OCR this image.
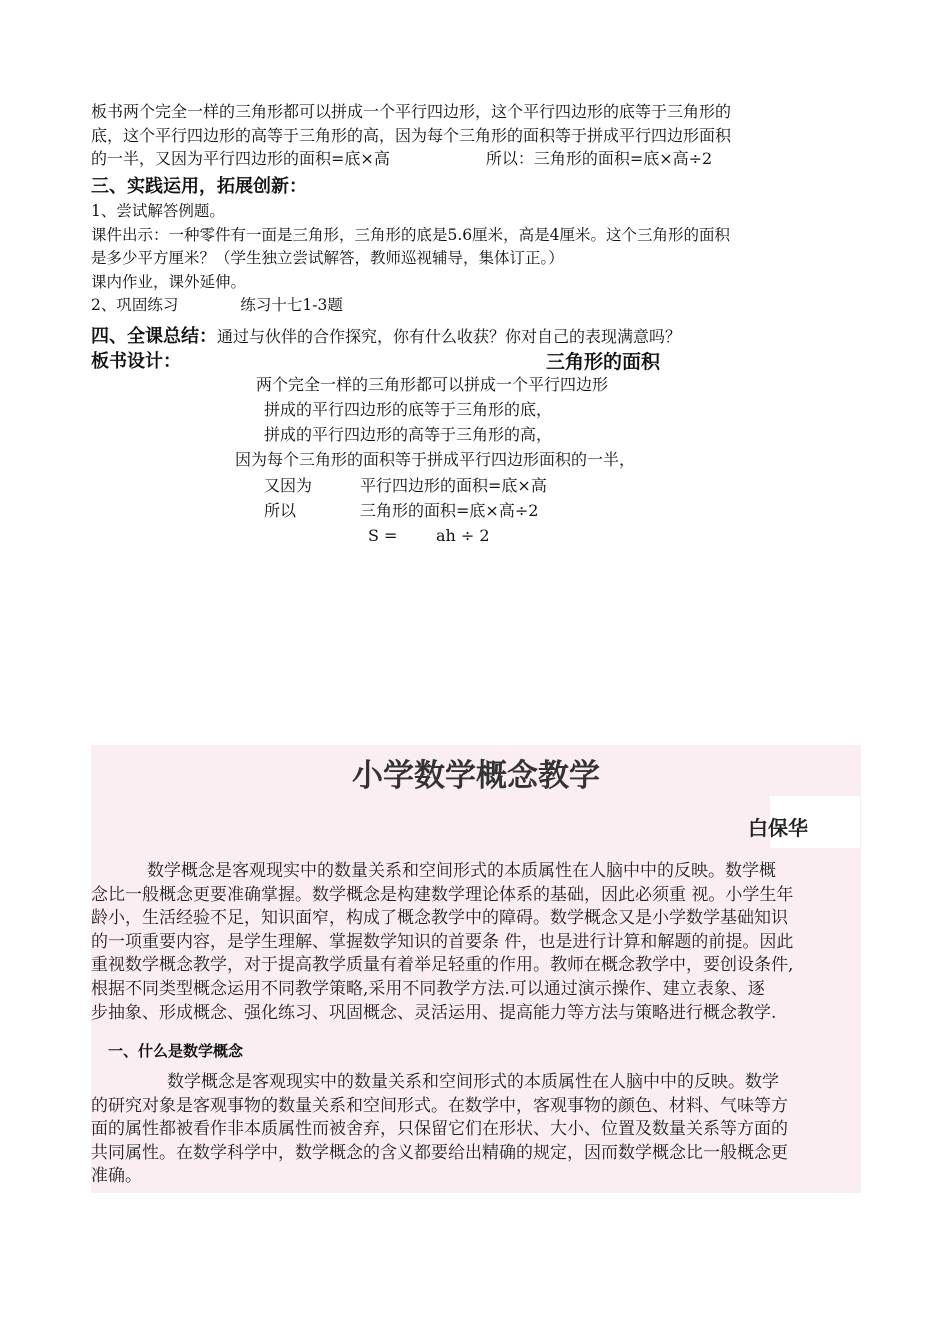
板书两个完全一样的三角形都可以拼成一个平行四边形，这个平行四边形的底等于三角形的
底，这个平行四边形的高等于三角形的高，因为每个三角形的面积等于拼成平行四边形面积
的一半，又因为平行四边形的面积=底×高	所以：三角形的面积=底×高÷2
三、实践运用，拓展创新：
1、尝试解答例题。
课件出示：一种零件有一面是三角形，三角形的底是5.6厘米，高是4厘米。这个三角形的面积
是多少平方厘米？（学生独立尝试解答，教师巡视辅导，集体订正。）
课内作业，课外延伸。
2、巩固练习	练习十七1-3题
四、全课总结：通过与伙伴的合作探究，你有什么收获？你对自己的表现满意吗？
板书设计：	三角形的面积
两个完全一样的三角形都可以拼成一个平行四边形
拼成的平行四边形的底等于三角形的底，
拼成的平行四边形的高等于三角形的高，
因为每个三角形的面积等于拼成平行四边形面积的一半，
又因为	平行四边形的面积=底×高
所以	三角形的面积=底×高÷2
S = ah ÷ 2
小学数学概念教学
白保华
数学概念是客观现实中的数量关系和空间形式的本质属性在人脑中中的反映。数学概
念比一般概念更要准确掌握。数学概念是构建数学理论体系的基础，因此必须重 视。小学生年
龄小，生活经验不足，知识面窄，构成了概念教学中的障碍。数学概念又是小学数学基础知识
的一项重要内容，是学生理解、掌握数学知识的首要条 件，也是进行计算和解题的前提。因此
重视数学概念教学，对于提高教学质量有着举足轻重的作用。教师在概念教学中，要创设条件,
根据不同类型概念运用不同教学策略,采用不同教学方法.可以通过演示操作、建立表象、逐
步抽象、形成概念、强化练习、巩固概念、灵活运用、提高能力等方法与策略进行概念教学.
一、什么是数学概念
数学概念是客观现实中的数量关系和空间形式的本质属性在人脑中中的反映。数学
的研究对象是客观事物的数量关系和空间形式。在数学中，客观事物的颜色、材料、气味等方
面的属性都被看作非本质属性而被舍弃，只保留它们在形状、大小、位置及数量关系等方面的
共同属性。在数学科学中，数学概念的含义都要给出精确的规定，因而数学概念比一般概念更
准确。
